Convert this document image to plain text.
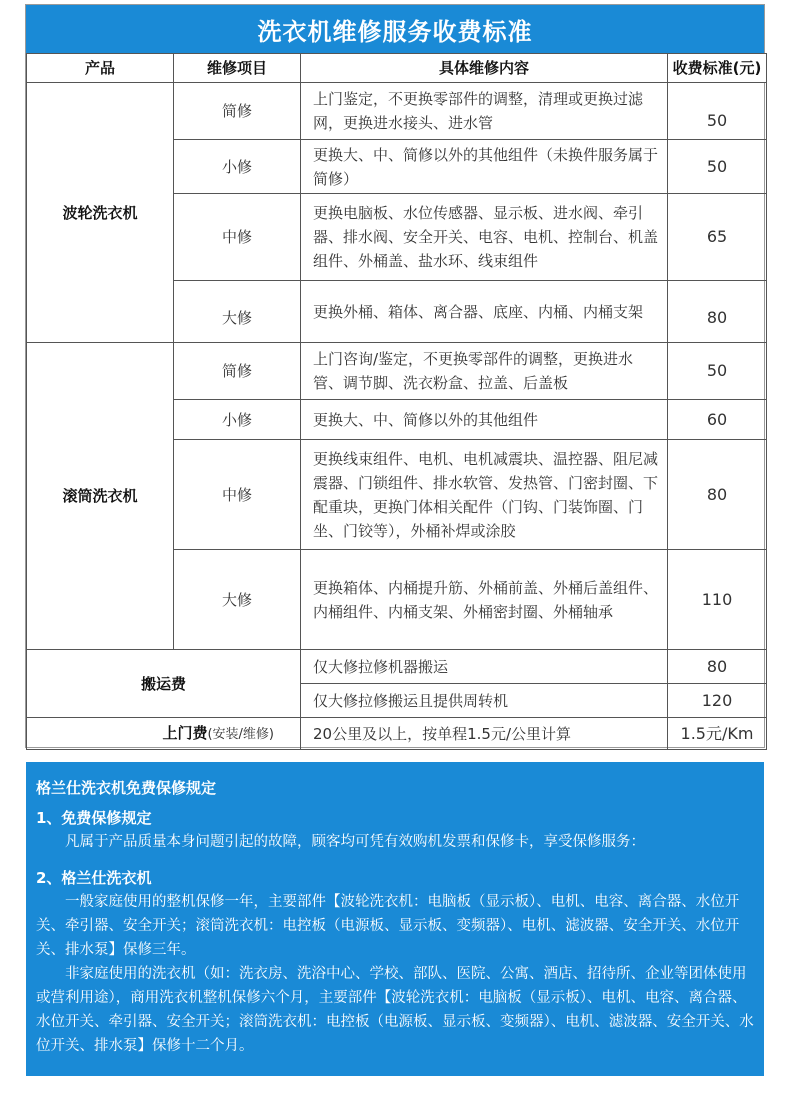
洗衣机维修服务收费标准
产品	维修项目	具体维修内容	收费标准(元)
波轮洗衣机	简修	上门鉴定，不更换零部件的调整，清理或更换过滤网，更换进水接头、进水管	50
	小修	更换大、中、简修以外的其他组件（未换件服务属于简修）	50
	中修	更换电脑板、水位传感器、显示板、进水阀、牵引器、排水阀、安全开关、电容、电机、控制台、机盖组件、外桶盖、盐水环、线束组件	65
	大修	更换外桶、箱体、离合器、底座、内桶、内桶支架	80
滚筒洗衣机	简修	上门咨询/鉴定，不更换零部件的调整，更换进水管、调节脚、洗衣粉盒、拉盖、后盖板	50
	小修	更换大、中、简修以外的其他组件	60
	中修	更换线束组件、电机、电机减震块、温控器、阻尼减震器、门锁组件、排水软管、发热管、门密封圈、下配重块，更换门体相关配件（门钩、门装饰圈、门坐、门铰等），外桶补焊或涂胶	80
	大修	更换箱体、内桶提升筋、外桶前盖、外桶后盖组件、内桶组件、内桶支架、外桶密封圈、外桶轴承	110
搬运费		仅大修拉修机器搬运	80
		仅大修拉修搬运且提供周转机	120
上门费(安装/维修)		20公里及以上，按单程1.5元/公里计算	1.5元/Km
格兰仕洗衣机免费保修规定
1、免费保修规定

凡属于产品质量本身问题引起的故障，顾客均可凭有效购机发票和保修卡，享受保修服务：

2、格兰仕洗衣机

一般家庭使用的整机保修一年，主要部件【波轮洗衣机：电脑板（显示板）、电机、电容、离合器、水位开关、牵引器、安全开关；滚筒洗衣机：电控板（电源板、显示板、变频器）、电机、滤波器、安全开关、水位开关、排水泵】保修三年。

非家庭使用的洗衣机（如：洗衣房、洗浴中心、学校、部队、医院、公寓、酒店、招待所、企业等团体使用或营利用途），商用洗衣机整机保修六个月，主要部件【波轮洗衣机：电脑板（显示板）、电机、电容、离合器、水位开关、牵引器、安全开关；滚筒洗衣机：电控板（电源板、显示板、变频器）、电机、滤波器、安全开关、水位开关、排水泵】保修十二个月。
